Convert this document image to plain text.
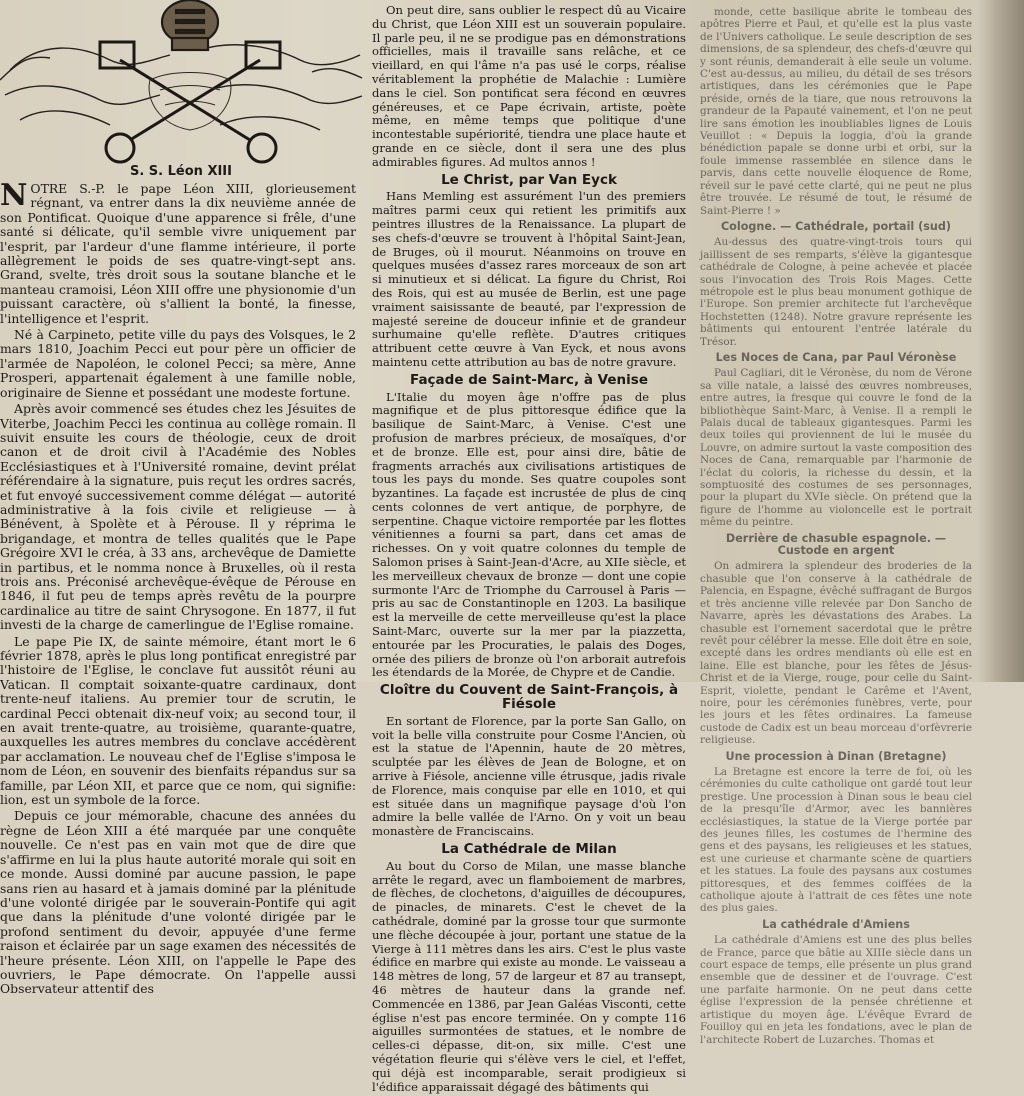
S. S. Léon XIII

N OTRE S.-P. le pape Léon XIII, glorieusement régnant, va entrer dans la dix neuvième année de son Pontificat. Quoique d'une apparence si frêle, d'une santé si délicate, qu'il semble vivre uniquement par l'esprit, par l'ardeur d'une flamme intérieure, il porte allègrement le poids de ses quatre-vingt-sept ans. Grand, svelte, très droit sous la soutane blanche et le manteau cramoisi, Léon XIII offre une physionomie d'un puissant caractère, où s'allient la bonté, la finesse, l'intelligence et l'esprit.

Né à Carpineto, petite ville du pays des Volsques, le 2 mars 1810, Joachim Pecci eut pour père un officier de l'armée de Napoléon, le colonel Pecci; sa mère, Anne Prosperi, appartenait également à une famille noble, originaire de Sienne et possédant une modeste fortune.

Après avoir commencé ses études chez les Jésuites de Viterbe, Joachim Pecci les continua au collège romain. Il suivit ensuite les cours de théologie, ceux de droit canon et de droit civil à l'Académie des Nobles Ecclésiastiques et à l'Université romaine, devint prélat référendaire à la signature, puis reçut les ordres sacrés, et fut envoyé successivement comme délégat — autorité administrative à la fois civile et religieuse — à Bénévent, à Spolète et à Pérouse. Il y réprima le brigandage, et montra de telles qualités que le Pape Grégoire XVI le créa, à 33 ans, archevêque de Damiette in partibus, et le nomma nonce à Bruxelles, où il resta trois ans. Préconisé archevêque-évêque de Pérouse en 1846, il fut peu de temps après revêtu de la pourpre cardinalice au titre de saint Chrysogone. En 1877, il fut investi de la charge de camerlingue de l'Eglise romaine.

Le pape Pie IX, de sainte mémoire, étant mort le 6 février 1878, après le plus long pontificat enregistré par l'histoire de l'Eglise, le conclave fut aussitôt réuni au Vatican. Il comptait soixante-quatre cardinaux, dont trente-neuf italiens. Au premier tour de scrutin, le cardinal Pecci obtenait dix-neuf voix; au second tour, il en avait trente-quatre, au troisième, quarante-quatre, auxquelles les autres membres du conclave accédèrent par acclamation. Le nouveau chef de l'Eglise s'imposa le nom de Léon, en souvenir des bienfaits répandus sur sa famille, par Léon XII, et parce que ce nom, qui signifie: lion, est un symbole de la force.

Depuis ce jour mémorable, chacune des années du règne de Léon XIII a été marquée par une conquête nouvelle. Ce n'est pas en vain mot que de dire que s'affirme en lui la plus haute autorité morale qui soit en ce monde. Aussi dominé par aucune passion, le pape sans rien au hasard et à jamais dominé par la plénitude d'une volonté dirigée par le souverain-Pontife qui agit que dans la plénitude d'une volonté dirigée par le profond sentiment du devoir, appuyée d'une ferme raison et éclairée par un sage examen des nécessités de l'heure présente. Léon XIII, on l'appelle le Pape des ouvriers, le Pape démocrate. On l'appelle aussi Observateur attentif des

On peut dire, sans oublier le respect dû au Vicaire du Christ, que Léon XIII est un souverain populaire. Il parle peu, il ne se prodigue pas en démonstrations officielles, mais il travaille sans relâche, et ce vieillard, en qui l'âme n'a pas usé le corps, réalise véritablement la prophétie de Malachie : Lumière dans le ciel. Son pontificat sera fécond en œuvres généreuses, et ce Pape écrivain, artiste, poète même, en même temps que politique d'une incontestable supériorité, tiendra une place haute et grande en ce siècle, dont il sera une des plus admirables figures. Ad multos annos !

Le Christ, par Van Eyck

Hans Memling est assurément l'un des premiers maîtres parmi ceux qui retient les primitifs aux peintres illustres de la Renaissance. La plupart de ses chefs-d'œuvre se trouvent à l'hôpital Saint-Jean, de Bruges, où il mourut. Néanmoins on trouve en quelques musées d'assez rares morceaux de son art si minutieux et si délicat. La figure du Christ, Roi des Rois, qui est au musée de Berlin, est une page vraiment saisissante de beauté, par l'expression de majesté sereine de douceur infinie et de grandeur surhumaine qu'elle reflète. D'autres critiques attribuent cette œuvre à Van Eyck, et nous avons maintenu cette attribution au bas de notre gravure.

Façade de Saint-Marc, à Venise

L'Italie du moyen âge n'offre pas de plus magnifique et de plus pittoresque édifice que la basilique de Saint-Marc, à Venise. C'est une profusion de marbres précieux, de mosaïques, d'or et de bronze. Elle est, pour ainsi dire, bâtie de fragments arrachés aux civilisations artistiques de tous les pays du monde. Ses quatre coupoles sont byzantines. La façade est incrustée de plus de cinq cents colonnes de vert antique, de porphyre, de serpentine. Chaque victoire remportée par les flottes vénitiennes a fourni sa part, dans cet amas de richesses. On y voit quatre colonnes du temple de Salomon prises à Saint-Jean-d'Acre, au XIIe siècle, et les merveilleux chevaux de bronze — dont une copie surmonte l'Arc de Triomphe du Carrousel à Paris — pris au sac de Constantinople en 1203. La basilique est la merveille de cette merveilleuse qu'est la place Saint-Marc, ouverte sur la mer par la piazzetta, entourée par les Procuraties, le palais des Doges, ornée des piliers de bronze où l'on arborait autrefois les étendards de la Morée, de Chypre et de Candie.

Cloître du Couvent de Saint-François, à Fiésole

En sortant de Florence, par la porte San Gallo, on voit la belle villa construite pour Cosme l'Ancien, où est la statue de l'Apennin, haute de 20 mètres, sculptée par les élèves de Jean de Bologne, et on arrive à Fiésole, ancienne ville étrusque, jadis rivale de Florence, mais conquise par elle en 1010, et qui est située dans un magnifique paysage d'où l'on admire la belle vallée de l'Arno. On y voit un beau monastère de Franciscains.

La Cathédrale de Milan

Au bout du Corso de Milan, une masse blanche arrête le regard, avec un flamboiement de marbres, de flèches, de clochetons, d'aiguilles de découpures, de pinacles, de minarets. C'est le chevet de la cathédrale, dominé par la grosse tour que surmonte une flèche découpée à jour, portant une statue de la Vierge à 111 mètres dans les airs. C'est le plus vaste édifice en marbre qui existe au monde. Le vaisseau a 148 mètres de long, 57 de largeur et 87 au transept, 46 mètres de hauteur dans la grande nef. Commencée en 1386, par Jean Galéas Visconti, cette église n'est pas encore terminée. On y compte 116 aiguilles surmontées de statues, et le nombre de celles-ci dépasse, dit-on, six mille. C'est une végétation fleurie qui s'élève vers le ciel, et l'effet, qui déjà est incomparable, serait prodigieux si l'édifice apparaissait dégagé des bâtiments qui

monde, cette basilique abrite le tombeau des apôtres Pierre et Paul, et qu'elle est la plus vaste de l'Univers catholique. Le seule description de ses dimensions, de sa splendeur, des chefs-d'œuvre qui y sont réunis, demanderait à elle seule un volume. C'est au-dessus, au milieu, du détail de ses trésors artistiques, dans les cérémonies que le Pape préside, ornés de la tiare, que nous retrouvons la grandeur de la Papauté vainement, et l'on ne peut lire sans émotion les inoubliables lignes de Louis Veuillot : « Depuis la loggia, d'où la grande bénédiction papale se donne urbi et orbi, sur la foule immense rassemblée en silence dans le parvis, dans cette nouvelle éloquence de Rome, réveil sur le pavé cette clarté, qui ne peut ne plus être trouvée. Le résumé de tout, le résumé de Saint-Pierre ! »

Cologne. — Cathédrale, portail (sud)

Au-dessus des quatre-vingt-trois tours qui jaillissent de ses remparts, s'élève la gigantesque cathédrale de Cologne, à peine achevée et placée sous l'invocation des Trois Rois Mages. Cette métropole est le plus beau monument gothique de l'Europe. Son premier architecte fut l'archevêque Hochstetten (1248). Notre gravure représente les bâtiments qui entourent l'entrée latérale du Trésor.

Les Noces de Cana, par Paul Véronèse

Paul Cagliari, dit le Véronèse, du nom de Vérone sa ville natale, a laissé des œuvres nombreuses, entre autres, la fresque qui couvre le fond de la bibliothèque Saint-Marc, à Venise. Il a rempli le Palais ducal de tableaux gigantesques. Parmi les deux toiles qui proviennent de lui le musée du Louvre, on admire surtout la vaste composition des Noces de Cana, remarquable par l'harmonie de l'éclat du coloris, la richesse du dessin, et la somptuosité des costumes de ses personnages, pour la plupart du XVIe siècle. On prétend que la figure de l'homme au violoncelle est le portrait même du peintre.

Derrière de chasuble espagnole. — Custode en argent

On admirera la splendeur des broderies de la chasuble que l'on conserve à la cathédrale de Palencia, en Espagne, évêché suffragant de Burgos et très ancienne ville relevée par Don Sancho de Navarre, après les dévastations des Arabes. La chasuble est l'ornement sacerdotal que le prêtre revêt pour célébrer la messe. Elle doit être en soie, excepté dans les ordres mendiants où elle est en laine. Elle est blanche, pour les fêtes de Jésus-Christ et de la Vierge, rouge, pour celle du Saint-Esprit, violette, pendant le Carême et l'Avent, noire, pour les cérémonies funèbres, verte, pour les jours et les fêtes ordinaires. La fameuse custode de Cadix est un beau morceau d'orfèvrerie religieuse.

Une procession à Dinan (Bretagne)

La Bretagne est encore la terre de foi, où les cérémonies du culte catholique ont gardé tout leur prestige. Une procession à Dinan sous le beau ciel de la presqu'île d'Armor, avec les bannières ecclésiastiques, la statue de la Vierge portée par des jeunes filles, les costumes de l'hermine des gens et des paysans, les religieuses et les statues, est une curieuse et charmante scène de quartiers et les statues. La foule des paysans aux costumes pittoresques, et des femmes coiffées de la catholique ajoute à l'attrait de ces fêtes une note des plus gaies.

La cathédrale d'Amiens

La cathédrale d'Amiens est une des plus belles de France, parce que bâtie au XIIIe siècle dans un court espace de temps, elle présente un plus grand ensemble que de dessiner et de l'ouvrage. C'est une parfaite harmonie. On ne peut dans cette église l'expression de la pensée chrétienne et artistique du moyen âge. L'évêque Evrard de Fouilloy qui en jeta les fondations, avec le plan de l'architecte Robert de Luzarches. Thomas et
